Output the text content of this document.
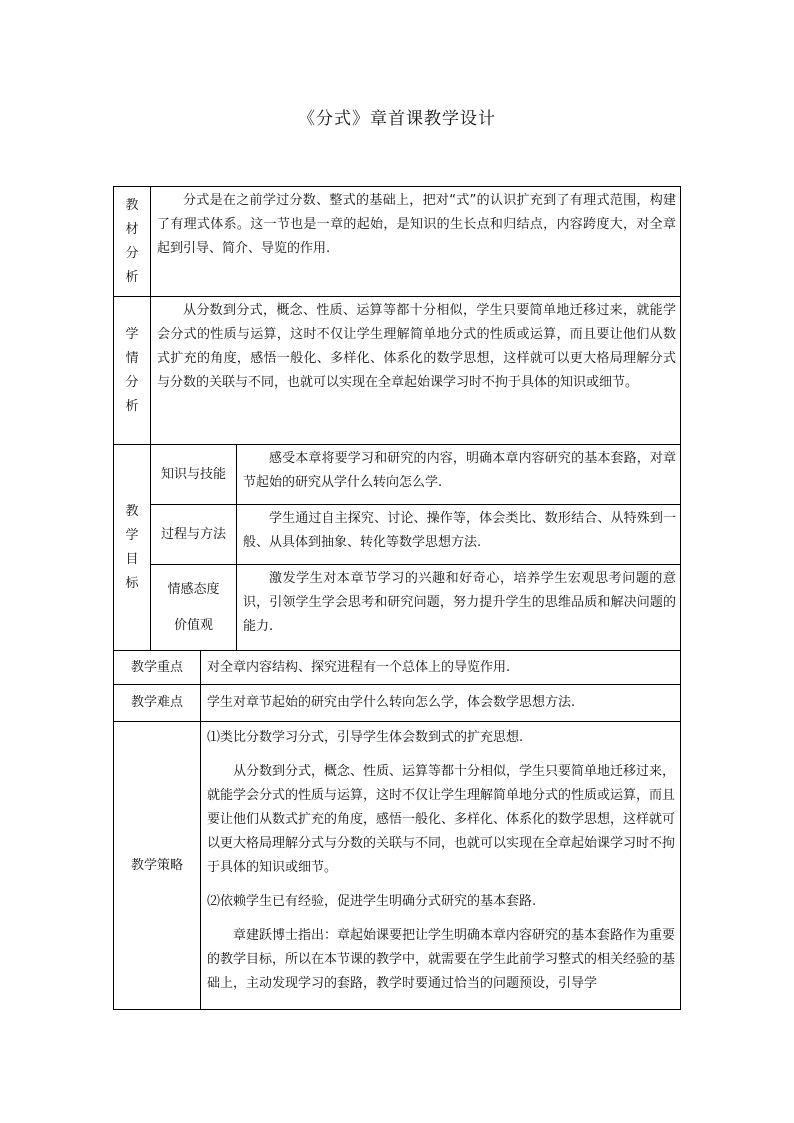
《分式》章首课教学设计
教
材
分
析	分式是在之前学过分数、整式的基础上，把对“式”的认识扩充到了有理式范围，构建了有理式体系。这一节也是一章的起始，是知识的生长点和归结点，内容跨度大，对全章起到引导、简介、导览的作用.		

学
情
分
析	从分数到分式，概念、性质、运算等都十分相似，学生只要简单地迁移过来，就能学会分式的性质与运算，这时不仅让学生理解简单地分式的性质或运算，而且要让他们从数式扩充的角度，感悟一般化、多样化、体系化的数学思想，这样就可以更大格局理解分式与分数的关联与不同，也就可以实现在全章起始课学习时不拘于具体的知识或细节。		

教
学
目
标	知识与技能		感受本章将要学习和研究的内容，明确本章内容研究的基本套路，对章节起始的研究从学什么转向怎么学.

	过程与方法		学生通过自主探究、讨论、操作等，体会类比、数形结合、从特殊到一般、从具体到抽象、转化等数学思想方法.

	情感态度
价值观		激发学生对本章节学习的兴趣和好奇心，培养学生宏观思考问题的意识，引领学生学会思考和研究问题，努力提升学生的思维品质和解决问题的能力.

教学重点		对全章内容结构、探究进程有一个总体上的导览作用.	
教学难点		学生对章节起始的研究由学什么转向怎么学，体会数学思想方法.	
教学策略		⑴类比分数学习分式，引导学生体会数到式的扩充思想.

从分数到分式，概念、性质、运算等都十分相似，学生只要简单地迁移过来，就能学会分式的性质与运算，这时不仅让学生理解简单地分式的性质或运算，而且要让他们从数式扩充的角度，感悟一般化、多样化、体系化的数学思想，这样就可以更大格局理解分式与分数的关联与不同，也就可以实现在全章起始课学习时不拘于具体的知识或细节。

⑵依赖学生已有经验，促进学生明确分式研究的基本套路.

章建跃博士指出：章起始课要把让学生明确本章内容研究的基本套路作为重要的教学目标，所以在本节课的教学中，就需要在学生此前学习整式的相关经验的基础上，主动发现学习的套路，教学时要通过恰当的问题预设，引导学	
